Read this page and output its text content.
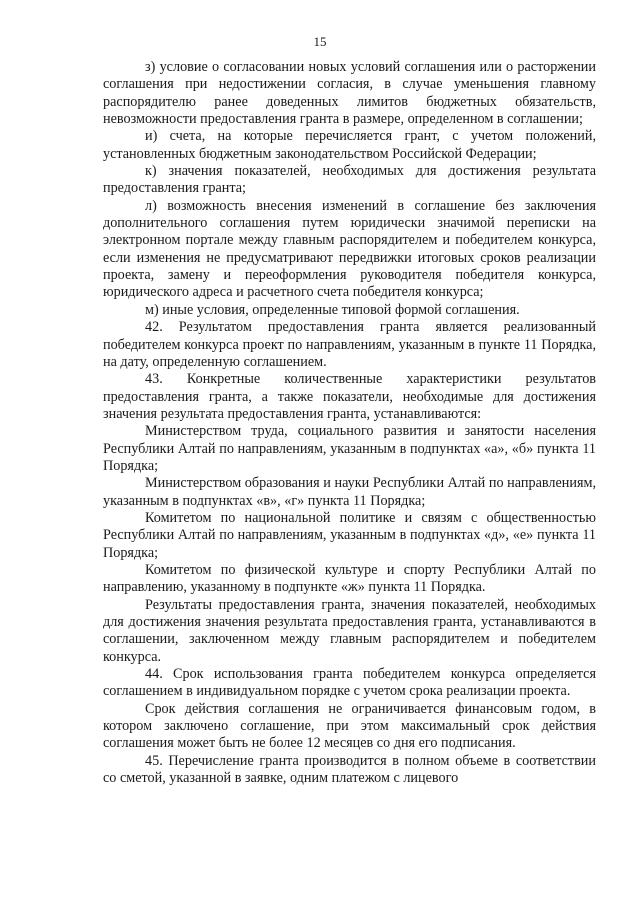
15

з) условие о согласовании новых условий соглашения или о расторжении соглашения при недостижении согласия, в случае уменьшения главному распорядителю ранее доведенных лимитов бюджетных обязательств, невозможности предоставления гранта в размере, определенном в соглашении;

и) счета, на которые перечисляется грант, с учетом положений, установленных бюджетным законодательством Российской Федерации;

к) значения показателей, необходимых для достижения результата предоставления гранта;

л) возможность внесения изменений в соглашение без заключения дополнительного соглашения путем юридически значимой переписки на электронном портале между главным распорядителем и победителем конкурса, если изменения не предусматривают передвижки итоговых сроков реализации проекта, замену и переоформления руководителя победителя конкурса, юридического адреса и расчетного счета победителя конкурса;

м) иные условия, определенные типовой формой соглашения.

42. Результатом предоставления гранта является реализованный победителем конкурса проект по направлениям, указанным в пункте 11 Порядка, на дату, определенную соглашением.

43. Конкретные количественные характеристики результатов предоставления гранта, а также показатели, необходимые для достижения значения результата предоставления гранта, устанавливаются:

Министерством труда, социального развития и занятости населения Республики Алтай по направлениям, указанным в подпунктах «а», «б» пункта 11 Порядка;

Министерством образования и науки Республики Алтай по направлениям, указанным в подпунктах «в», «г» пункта 11 Порядка;

Комитетом по национальной политике и связям с общественностью Республики Алтай по направлениям, указанным в подпунктах «д», «е» пункта 11 Порядка;

Комитетом по физической культуре и спорту Республики Алтай по направлению, указанному в подпункте «ж» пункта 11 Порядка.

Результаты предоставления гранта, значения показателей, необходимых для достижения значения результата предоставления гранта, устанавливаются в соглашении, заключенном между главным распорядителем и победителем конкурса.

44. Срок использования гранта победителем конкурса определяется соглашением в индивидуальном порядке с учетом срока реализации проекта.

Срок действия соглашения не ограничивается финансовым годом, в котором заключено соглашение, при этом максимальный срок действия соглашения может быть не более 12 месяцев со дня его подписания.

45. Перечисление гранта производится в полном объеме в соответствии со сметой, указанной в заявке, одним платежом с лицевого
